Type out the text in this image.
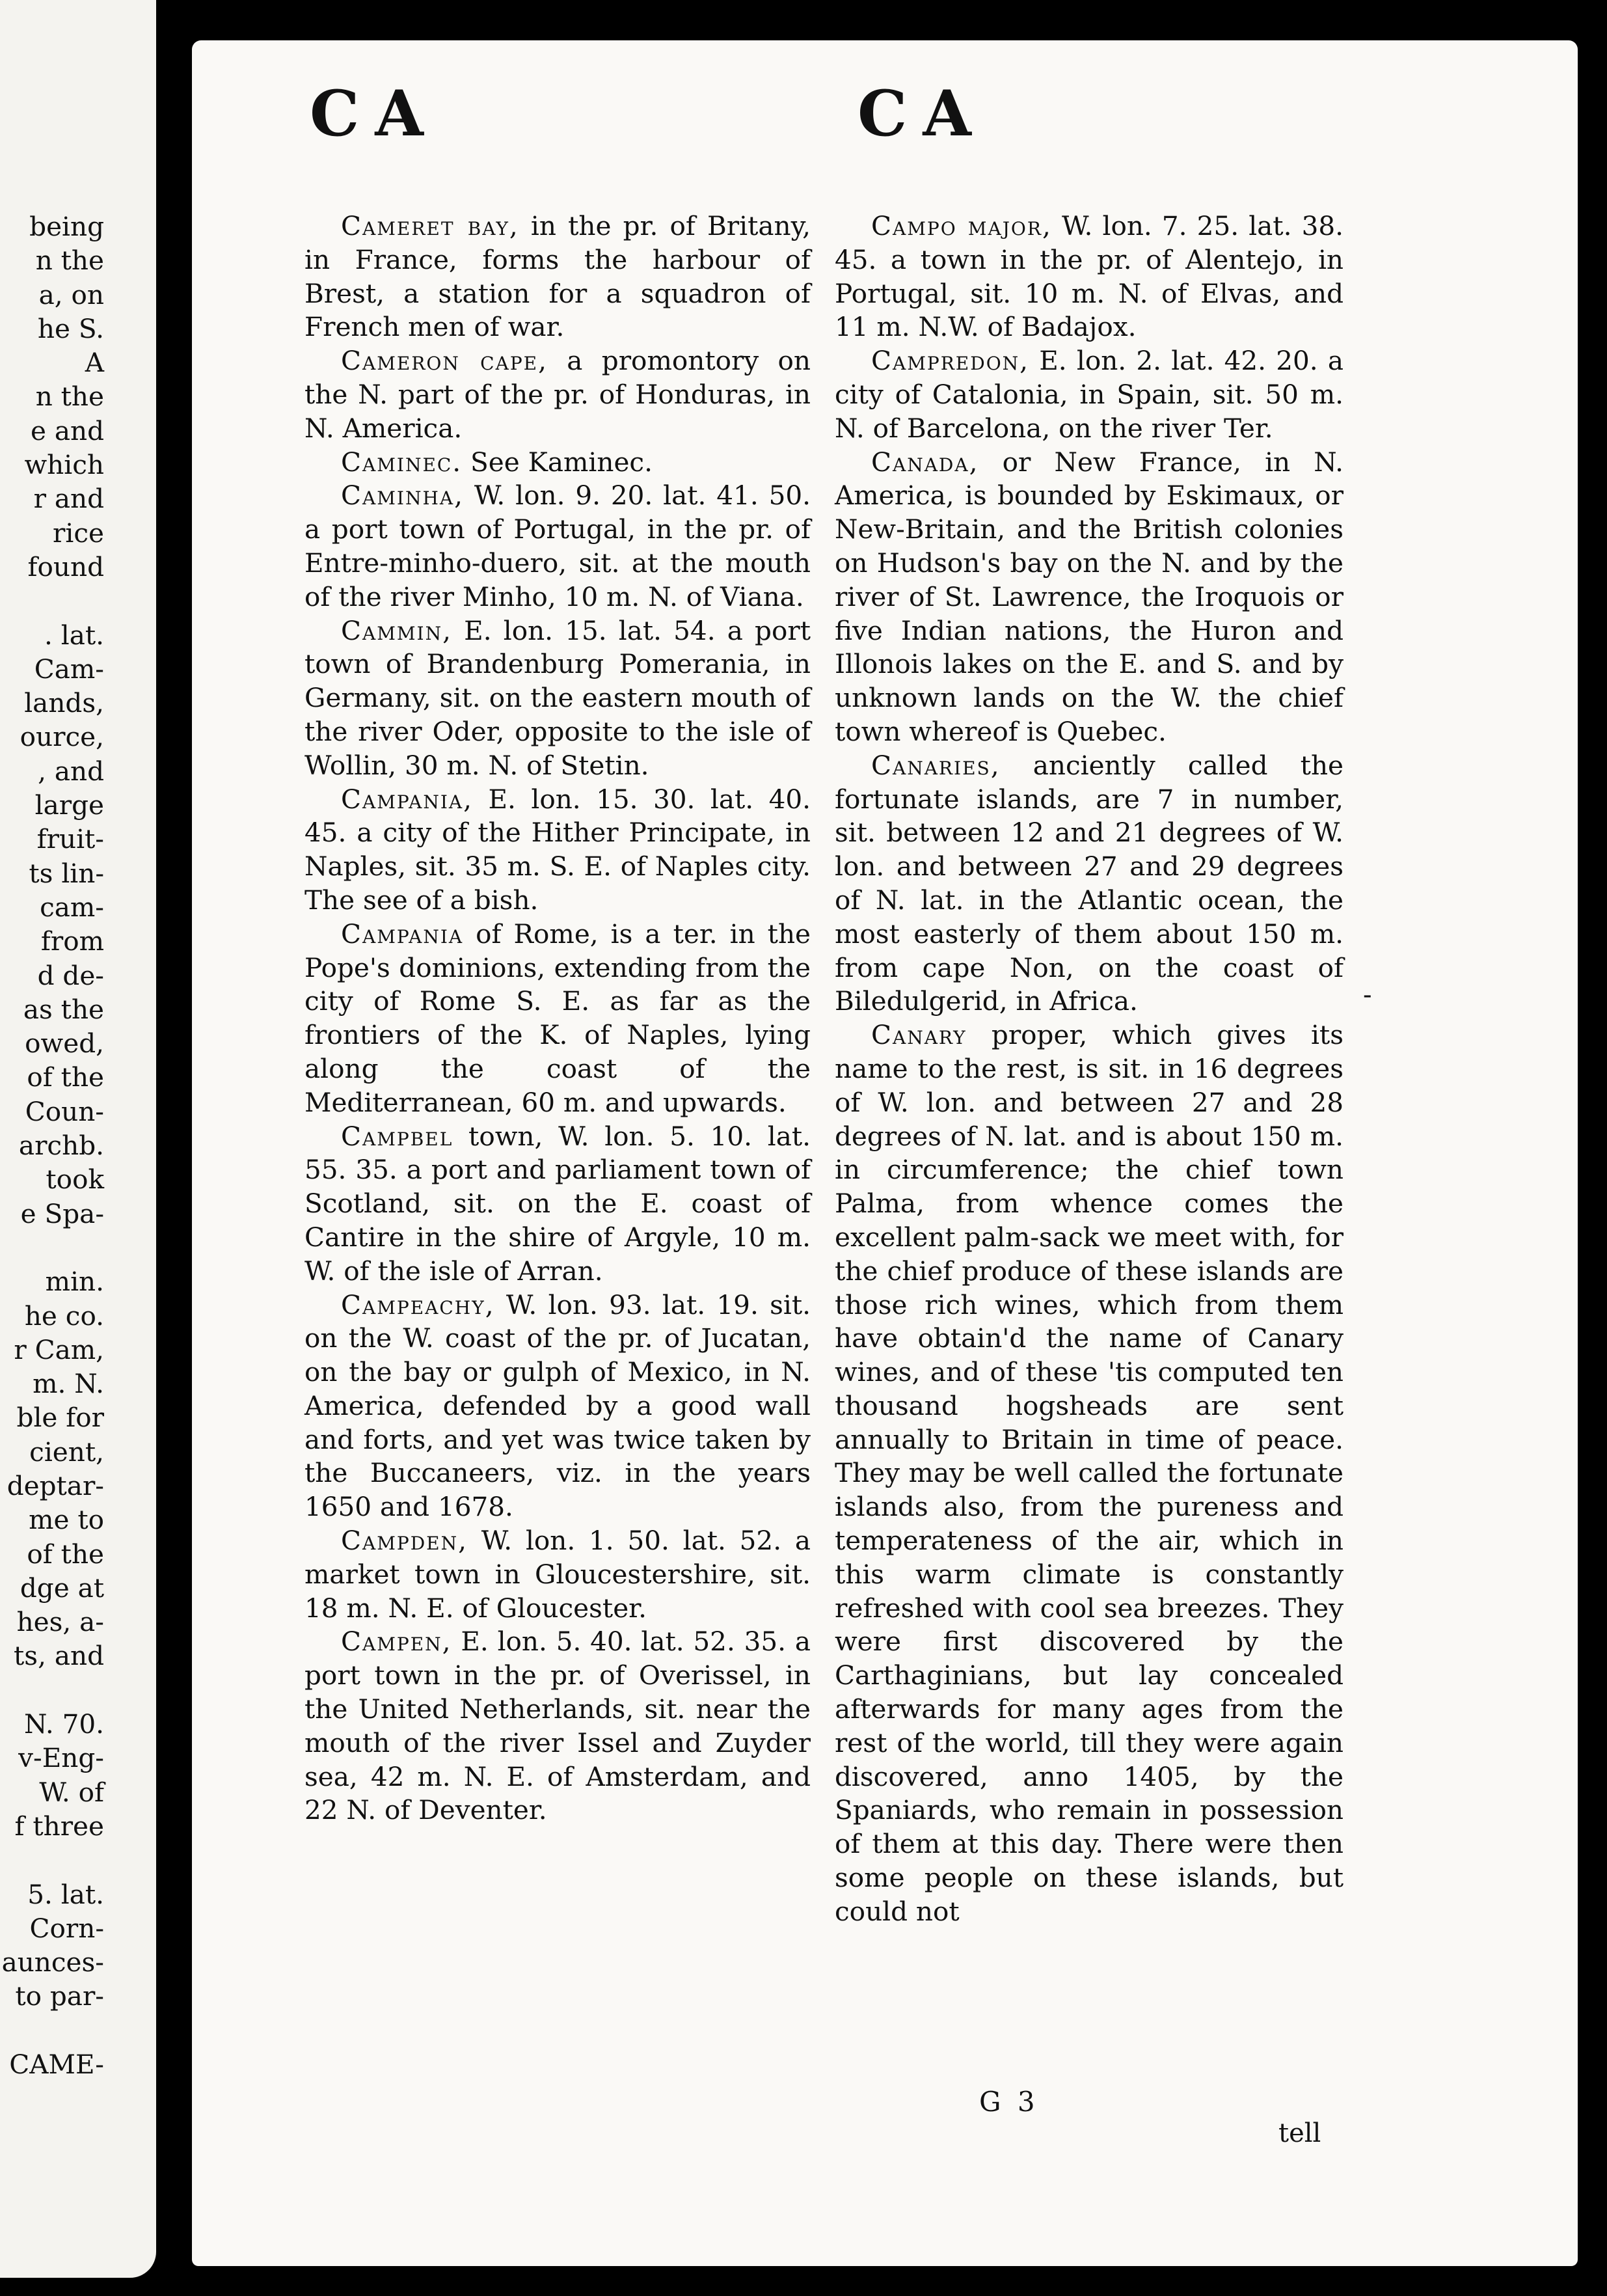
being
n the
a, on
he S.
A
n the
e and
which
r and
rice
found
. lat.
Cam-
lands,
ource,
, and
large
fruit-
ts lin-
cam-
from
d de-
as the
owed,
of the
Coun-
archb.
took
e Spa-
min.
he co.
r Cam,
m. N.
ble for
cient,
deptar-
me to
of the
dge at
hes, a-
ts, and
N. 70.
v-Eng-
W. of
f three
5. lat.
Corn-
aunces-
to par-
CAME-
CA	CA

Cameret bay, in the pr. of Britany, in France, forms the harbour of Brest, a station for a squadron of French men of war.

Cameron cape, a promontory on the N. part of the pr. of Honduras, in N. America.

Caminec. See Kaminec.

Caminha, W. lon. 9. 20. lat. 41. 50. a port town of Portugal, in the pr. of Entre-minho-duero, sit. at the mouth of the river Minho, 10 m. N. of Viana.

Cammin, E. lon. 15. lat. 54. a port town of Brandenburg Pomerania, in Germany, sit. on the eastern mouth of the river Oder, opposite to the isle of Wollin, 30 m. N. of Stetin.

Campania, E. lon. 15. 30. lat. 40. 45. a city of the Hither Principate, in Naples, sit. 35 m. S. E. of Naples city. The see of a bish.

Campania of Rome, is a ter. in the Pope's dominions, extending from the city of Rome S. E. as far as the frontiers of the K. of Naples, lying along the coast of the Mediterranean, 60 m. and upwards.

Campbel town, W. lon. 5. 10. lat. 55. 35. a port and parliament town of Scotland, sit. on the E. coast of Cantire in the shire of Argyle, 10 m. W. of the isle of Arran.

Campeachy, W. lon. 93. lat. 19. sit. on the W. coast of the pr. of Jucatan, on the bay or gulph of Mexico, in N. America, defended by a good wall and forts, and yet was twice taken by the Buccaneers, viz. in the years 1650 and 1678.

Campden, W. lon. 1. 50. lat. 52. a market town in Gloucestershire, sit. 18 m. N. E. of Gloucester.

Campen, E. lon. 5. 40. lat. 52. 35. a port town in the pr. of Overissel, in the United Netherlands, sit. near the mouth of the river Issel and Zuyder sea, 42 m. N. E. of Amsterdam, and 22 N. of Deventer.

Campo major, W. lon. 7. 25. lat. 38. 45. a town in the pr. of Alentejo, in Portugal, sit. 10 m. N. of Elvas, and 11 m. N.W. of Badajox.

Campredon, E. lon. 2. lat. 42. 20. a city of Catalonia, in Spain, sit. 50 m. N. of Barcelona, on the river Ter.

Canada, or New France, in N. America, is bounded by Eskimaux, or New-Britain, and the British colonies on Hudson's bay on the N. and by the river of St. Lawrence, the Iroquois or five Indian nations, the Huron and Illonois lakes on the E. and S. and by unknown lands on the W. the chief town whereof is Quebec.

Canaries, anciently called the fortunate islands, are 7 in number, sit. between 12 and 21 degrees of W. lon. and between 27 and 29 degrees of N. lat. in the Atlantic ocean, the most easterly of them about 150 m. from cape Non, on the coast of Biledulgerid, in Africa.

Canary proper, which gives its name to the rest, is sit. in 16 degrees of W. lon. and between 27 and 28 degrees of N. lat. and is about 150 m. in circumference; the chief town Palma, from whence comes the excellent palm-sack we meet with, for the chief produce of these islands are those rich wines, which from them have obtain'd the name of Canary wines, and of these 'tis computed ten thousand hogsheads are sent annually to Britain in time of peace. They may be well called the fortunate islands also, from the pureness and temperateness of the air, which in this warm climate is constantly refreshed with cool sea breezes. They were first discovered by the Carthaginians, but lay concealed afterwards for many ages from the rest of the world, till they were again discovered, anno 1405, by the Spaniards, who remain in possession of them at this day. There were then some people on these islands, but could not

-
G 3
tell
